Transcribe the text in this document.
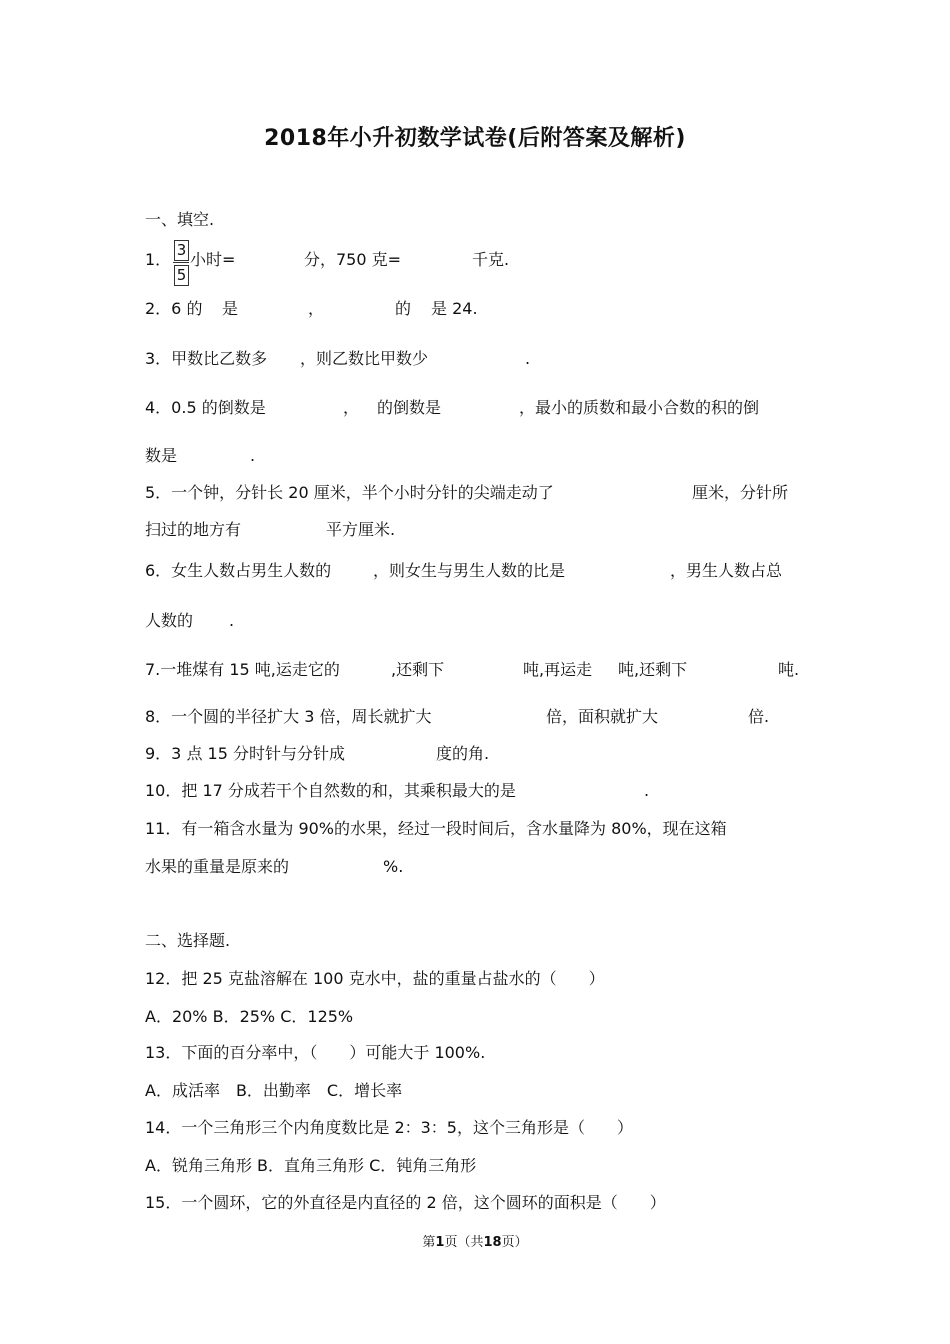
2018年小升初数学试卷(后附答案及解析)
一、填空.
1． 小时=	分，750 克=	千克.
$\frac{3}{5}$
2．6 的 是	，	的 是 24.
3．甲数比乙数多 ，则乙数比甲数少	.
4．0.5 的倒数是	， 的倒数是	，最小的质数和最小合数的积的倒
数是	.
5．一个钟，分针长 20 厘米，半个小时分针的尖端走动了	厘米，分针所
扫过的地方有	平方厘米.
6．女生人数占男生人数的	，则女生与男生人数的比是	，男生人数占总
人数的 .
7.一堆煤有 15 吨,运走它的	,还剩下	吨,再运走 吨,还剩下	吨.
8．一个圆的半径扩大 3 倍，周长就扩大	倍，面积就扩大	倍.
9．3 点 15 分时针与分针成	度的角.
10．把 17 分成若干个自然数的和，其乘积最大的是	.
11．有一箱含水量为 90%的水果，经过一段时间后，含水量降为 80%，现在这箱
水果的重量是原来的	%.
二、选择题.
12．把 25 克盐溶解在 100 克水中，盐的重量占盐水的（　　）
A．20% B．25% C．125%
13．下面的百分率中，（　　）可能大于 100%.
A．成活率　B．出勤率　C．增长率
14．一个三角形三个内角度数比是 2：3：5，这个三角形是（　　）
A．锐角三角形 B．直角三角形 C．钝角三角形
15．一个圆环，它的外直径是内直径的 2 倍，这个圆环的面积是（　　）
第1页（共18页）
